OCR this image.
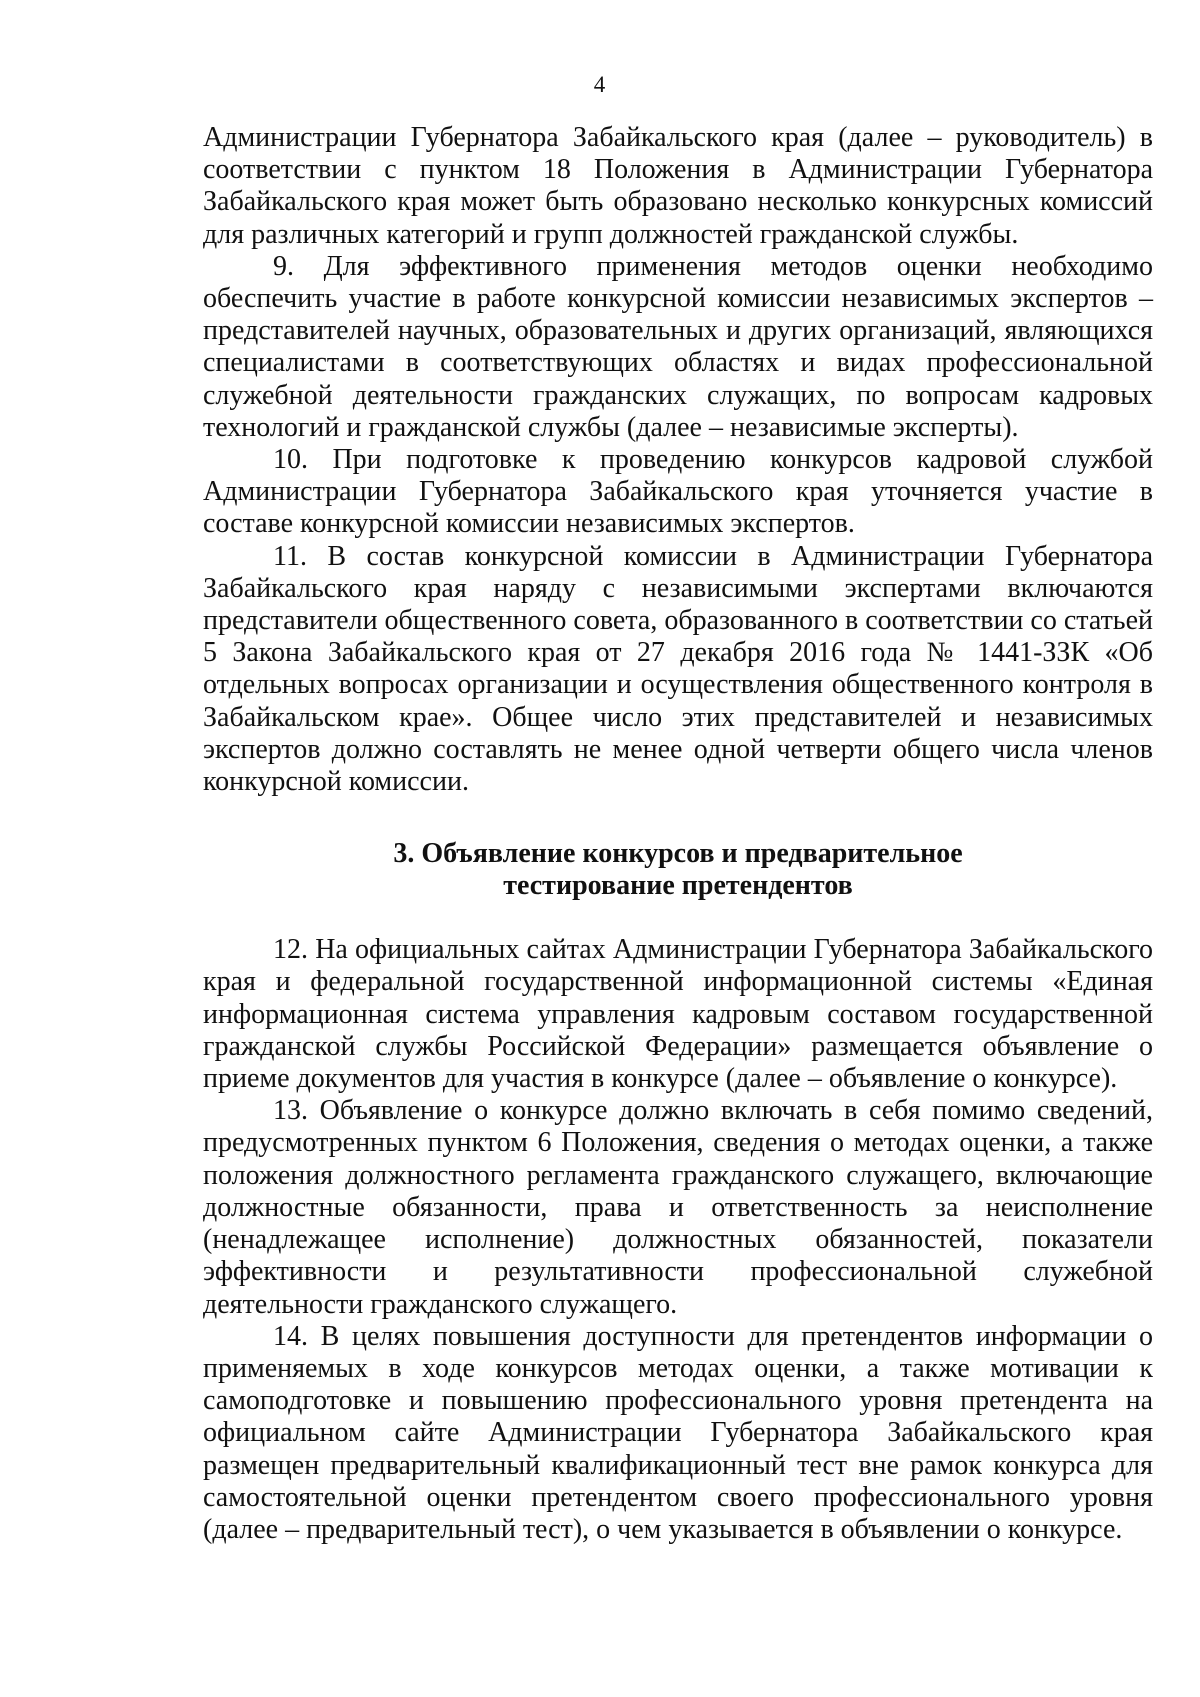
4

Администрации Губернатора Забайкальского края (далее – руководитель) в соответствии с пунктом 18 Положения в Администрации Губернатора Забайкальского края может быть образовано несколько конкурсных комиссий для различных категорий и групп должностей гражданской службы.

9. Для эффективного применения методов оценки необходимо обеспечить участие в работе конкурсной комиссии независимых экспертов – представителей научных, образовательных и других организаций, являющихся специалистами в соответствующих областях и видах профессиональной служебной деятельности гражданских служащих, по вопросам кадровых технологий и гражданской службы (далее – независимые эксперты).

10. При подготовке к проведению конкурсов кадровой службой Администрации Губернатора Забайкальского края уточняется участие в составе конкурсной комиссии независимых экспертов.

11. В состав конкурсной комиссии в Администрации Губернатора Забайкальского края наряду с независимыми экспертами включаются представители общественного совета, образованного в соответствии со статьей 5 Закона Забайкальского края от 27 декабря 2016 года № 1441-ЗЗК «Об отдельных вопросах организации и осуществления общественного контроля в Забайкальском крае». Общее число этих представителей и независимых экспертов должно составлять не менее одной четверти общего числа членов конкурсной комиссии.

3. Объявление конкурсов и предварительное
тестирование претендентов

12. На официальных сайтах Администрации Губернатора Забайкальского края и федеральной государственной информационной системы «Единая информационная система управления кадровым составом государственной гражданской службы Российской Федерации» размещается объявление о приеме документов для участия в конкурсе (далее – объявление о конкурсе).

13. Объявление о конкурсе должно включать в себя помимо сведений, предусмотренных пунктом 6 Положения, сведения о методах оценки, а также положения должностного регламента гражданского служащего, включающие должностные обязанности, права и ответственность за неисполнение (ненадлежащее исполнение) должностных обязанностей, показатели эффективности и результативности профессиональной служебной деятельности гражданского служащего.

14. В целях повышения доступности для претендентов информации о применяемых в ходе конкурсов методах оценки, а также мотивации к самоподготовке и повышению профессионального уровня претендента на официальном сайте Администрации Губернатора Забайкальского края размещен предварительный квалификационный тест вне рамок конкурса для самостоятельной оценки претендентом своего профессионального уровня (далее – предварительный тест), о чем указывается в объявлении о конкурсе.
